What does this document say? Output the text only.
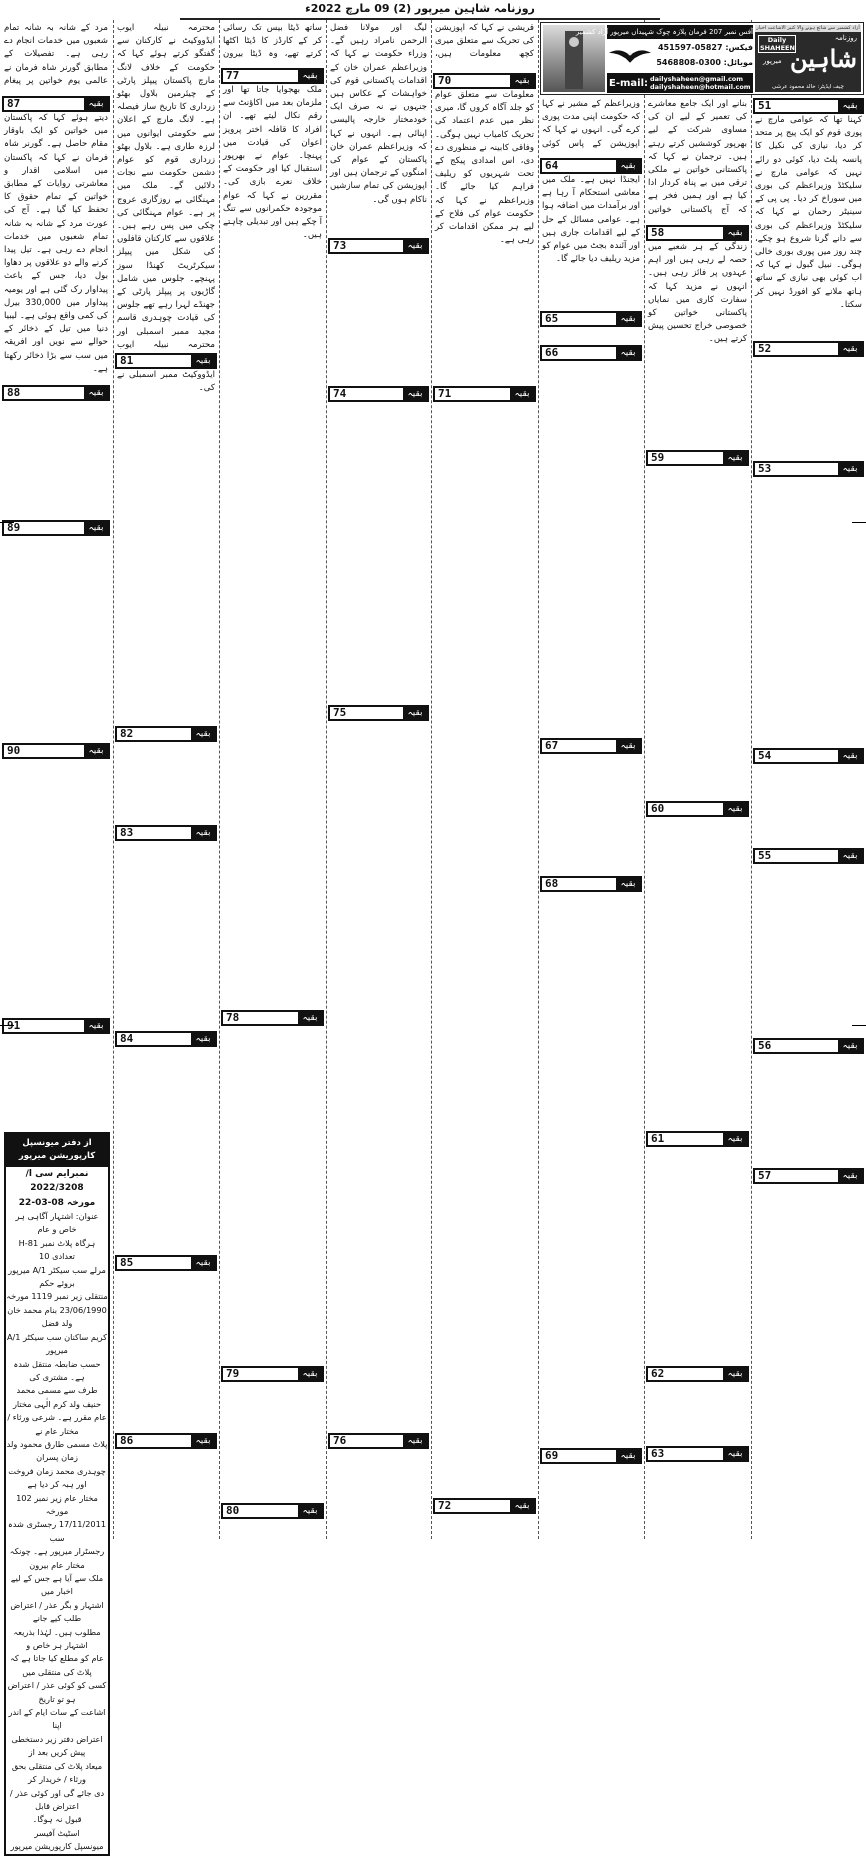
روزنامہ شاہین میرپور (2) 09 مارچ 2022ء
87	بقیہ
88	بقیہ
89	بقیہ
90	بقیہ
91	بقیہ

مرد کے شانہ بہ شانہ تمام شعبوں میں خدمات انجام دے رہی ہے۔ تفصیلات کے مطابق گورنر شاہ فرمان نے عالمی یوم خواتین پر پیغام دیتے ہوئے کہا کہ پاکستان میں خواتین کو ایک باوقار مقام حاصل ہے۔ گورنر شاہ فرمان نے کہا کہ پاکستان میں اسلامی اقدار و معاشرتی روایات کے مطابق خواتین کے تمام حقوق کا تحفظ کیا گیا ہے۔ آج کی عورت مرد کے شانہ بہ شانہ تمام شعبوں میں خدمات انجام دے رہی ہے۔ تیل پیدا کرنے والے دو علاقوں پر دھاوا بول دیا، جس کے باعث پیداوار رک گئی ہے اور یومیہ پیداوار میں 330,000 بیرل کی کمی واقع ہوئی ہے۔ لیبیا دنیا میں تیل کے ذخائر کے حوالے سے نویں اور افریقہ میں سب سے بڑا ذخائر رکھتا ہے۔

81	بقیہ
82	بقیہ
83	بقیہ
84	بقیہ
85	بقیہ
86	بقیہ

محترمہ نبیلہ ایوب ایڈووکیٹ نے کارکنان سے گفتگو کرتے ہوئے کہا کہ حکومت کے خلاف لانگ مارچ پاکستان پیپلز پارٹی کے چیئرمین بلاول بھٹو زرداری کا تاریخ ساز فیصلہ ہے۔ لانگ مارچ کے اعلان سے حکومتی ایوانوں میں لرزہ طاری ہے۔ بلاول بھٹو زرداری قوم کو عوام دشمن حکومت سے نجات دلائیں گے۔ ملک میں مہنگائی بے روزگاری عروج پر ہے۔ عوام مہنگائی کی چکی میں پس رہے ہیں۔ علاقوں سے کارکنان قافلوں کی شکل میں پیپلز سیکرٹریٹ کھنڈا سوز پہنچے۔ جلوس میں شامل گاڑیوں پر پیپلز پارٹی کے جھنڈے لہرا رہے تھے جلوس کی قیادت چوہدری قاسم مجید ممبر اسمبلی اور محترمہ نبیلہ ایوب ایڈووکیٹ ممبر اسمبلی نے کی۔

77	بقیہ
78	بقیہ
79	بقیہ
80	بقیہ

ساتھ ڈیٹا بیس تک رسائی کر کے کارڈز کا ڈیٹا اکٹھا کرتے تھے، وہ ڈیٹا بیرون ملک بھجوایا جاتا تھا اور ملزمان بعد میں اکاؤنٹ سے رقم نکال لیتے تھے۔ ان افراد کا قافلہ اختر پرویز اعوان کی قیادت میں پہنچا۔ عوام نے بھرپور استقبال کیا اور حکومت کے خلاف نعرے بازی کی۔ مقررین نے کہا کہ عوام موجودہ حکمرانوں سے تنگ آ چکے ہیں اور تبدیلی چاہتے ہیں۔

73	بقیہ
74	بقیہ
75	بقیہ
76	بقیہ

لیگ اور مولانا فضل الرحمن نامراد رہیں گے۔ وزراء حکومت نے کہا کہ وزیراعظم عمران خان کے اقدامات پاکستانی قوم کی خواہشات کے عکاس ہیں جنہوں نے نہ صرف ایک خودمختار خارجہ پالیسی اپنائی ہے۔ انہوں نے کہا کہ وزیراعظم عمران خان پاکستان کے عوام کی امنگوں کے ترجمان ہیں اور اپوزیشن کی تمام سازشیں ناکام ہوں گی۔

70	بقیہ
71	بقیہ
72	بقیہ

قریشی نے کہا کہ اپوزیشن کی تحریک سے متعلق میری کچھ معلومات ہیں، معلومات سے متعلق عوام کو جلد آگاہ کروں گا، میری نظر میں عدم اعتماد کی تحریک کامیاب نہیں ہوگی۔ وفاقی کابینہ نے منظوری دے دی، اس امدادی پیکج کے تحت شہریوں کو ریلیف فراہم کیا جائے گا۔ وزیراعظم نے کہا کہ حکومت عوام کی فلاح کے لیے ہر ممکن اقدامات کر رہی ہے۔

64	بقیہ
65	بقیہ
66	بقیہ
67	بقیہ
68	بقیہ
69	بقیہ

وزیراعظم کے مشیر نے کہا کہ حکومت اپنی مدت پوری کرے گی۔ انہوں نے کہا کہ اپوزیشن کے پاس کوئی ایجنڈا نہیں ہے۔ ملک میں معاشی استحکام آ رہا ہے اور برآمدات میں اضافہ ہوا ہے۔ عوامی مسائل کے حل کے لیے اقدامات جاری ہیں اور آئندہ بجٹ میں عوام کو مزید ریلیف دیا جائے گا۔

58	بقیہ
59	بقیہ
60	بقیہ
61	بقیہ
62	بقیہ
63	بقیہ

بنانے اور ایک جامع معاشرے کی تعمیر کے لیے ان کی مساوی شرکت کے لیے بھرپور کوششیں کرتے رہتے ہیں۔ ترجمان نے کہا کہ پاکستانی خواتین نے ملکی ترقی میں بے پناہ کردار ادا کیا ہے اور ہمیں فخر ہے کہ آج پاکستانی خواتین زندگی کے ہر شعبے میں حصہ لے رہی ہیں اور اہم عہدوں پر فائز رہی ہیں۔ انہوں نے مزید کہا کہ سفارت کاری میں نمایاں پاکستانی خواتین کو خصوصی خراج تحسین پیش کرتے ہیں۔

51	بقیہ
52	بقیہ
53	بقیہ
54	بقیہ
55	بقیہ
56	بقیہ
57	بقیہ

کہنا تھا کہ عوامی مارچ نے پوری قوم کو ایک پیج پر متحد کر دیا، نیازی کی نکیل کا پانسہ پلٹ دیا، کوئی دو رائے نہیں کہ عوامی مارچ نے سلیکٹڈ وزیراعظم کی بوری میں سوراخ کر دیا۔ پی پی کے سینیٹر رحمان نے کہا کہ سلیکٹڈ وزیراعظم کی بوری سے دانے گرنا شروع ہو چکے، چند روز میں پوری بوری خالی ہوگی۔ نبیل گبول نے کہا کہ اب کوئی بھی نیازی کے ساتھ ہاتھ ملانے کو افورڈ نہیں کر سکتا۔

آفس نمبر 207 فرمان پلازہ چوک شہیداں میرپور آزاد کشمیر
فیکس: 05827-451597
موبائل: 0300-5468808
E-mail: dailyshaheen@gmail.com
dailyshaheen@hotmail.com
آزاد کشمیر سے شائع ہونے والا کثیر الاشاعت اخبار
Daily SHAHEEN
روزنامہ
شاہین
میرپور
چیف ایڈیٹر: خالد محمود عرشی
از دفتر میونسپل کارپوریشن میرپور
نمبرایم سی ا/ 2022/3208
مورخہ 08-03-22
عنوان: اشتہار آگاہی ہر خاص و عام
ہرگاہ پلاٹ نمبر H-81 تعدادی 10
مرلے سب سیکٹر A/1 میرپور بروئے حکم
منتقلی زیر نمبر 1119 مورخہ
23/06/1990 بنام محمد خان ولد فضل
کریم ساکنان سب سیکٹر A/1 میرپور
حسب ضابطہ منتقل شدہ ہے۔ مشتری کی
طرف سے مسمی محمد حنیف ولد کرم الٰہی مختار
عام مقرر ہے۔ شرعی ورثاء / مختار عام نے
پلاٹ مسمی طارق محمود ولد زمان پسران
چوہدری محمد زمان فروخت اور ہبہ کر دیا ہے
مختار عام زیر نمبر 102 مورخہ
17/11/2011 رجسٹری شدہ سب
رجسٹرار میرپور ہے۔ چونکہ مختار عام بیرون
ملک سے آیا ہے جس کے لیے اخبار میں
اشتہار و بگر عذر / اعتراض طلب کیے جانے
مطلوب ہیں۔ لہٰذا بذریعہ اشتہار ہر خاص و
عام کو مطلع کیا جاتا ہے کہ پلاٹ کی منتقلی میں
کسی کو کوئی عذر / اعتراض ہو تو تاریخ
اشاعت کے سات ایام کے اندر اپنا
اعتراض دفتر زیر دستخطی پیش کریں بعد از
میعاد پلاٹ کی منتقلی بحق ورثاء / خریدار کر
دی جائے گی اور کوئی عذر / اعتراض قابل
قبول نہ ہوگا۔
اسٹیٹ آفیسر
میونسپل کارپوریشن میرپور
